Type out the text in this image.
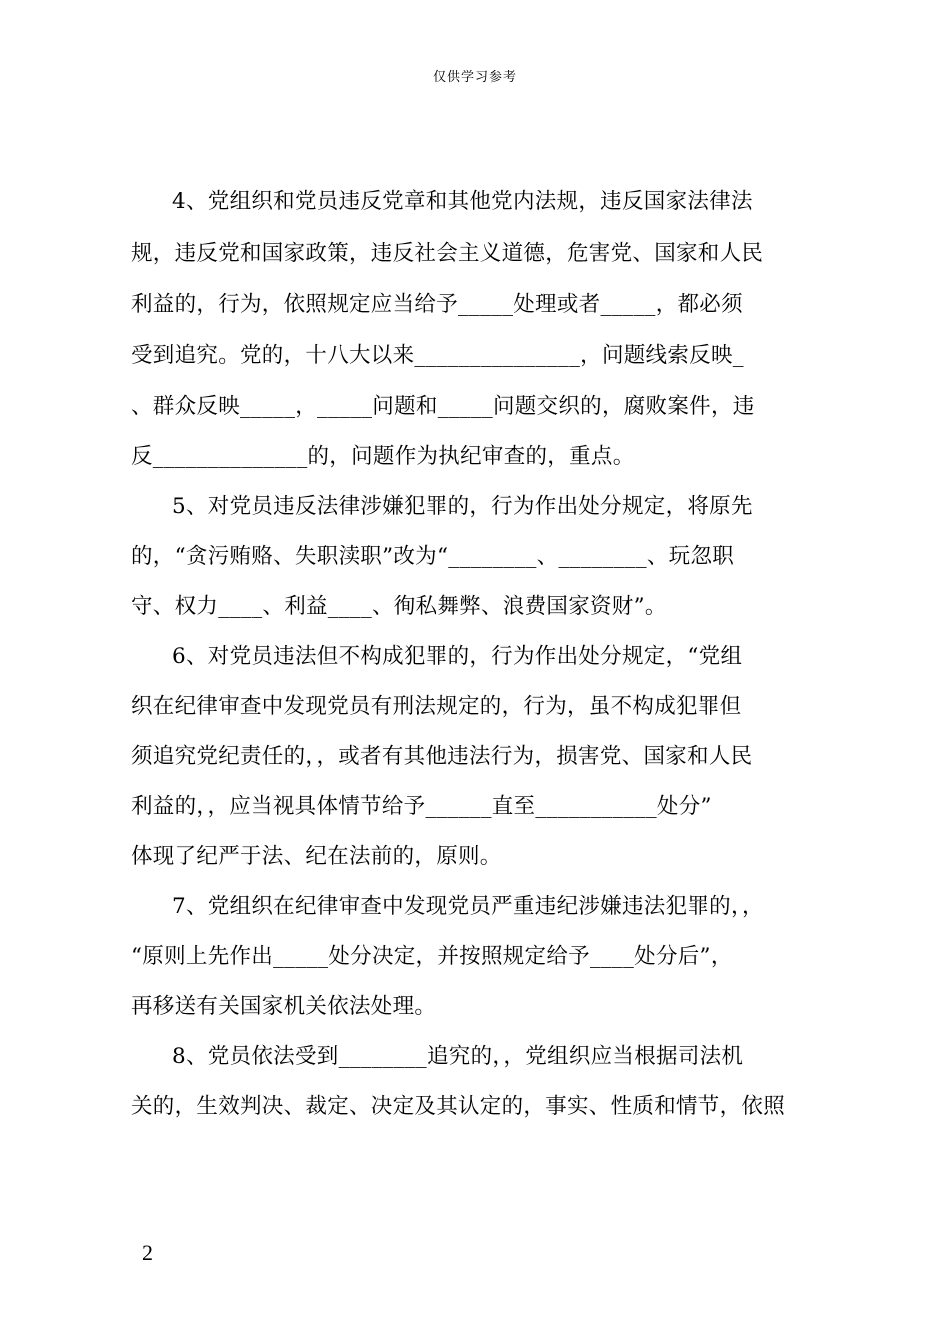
仅供学习参考
4、党组织和党员违反党章和其他党内法规，违反国家法律法
规，违反党和国家政策，违反社会主义道德，危害党、国家和人民
利益的，行为，依照规定应当给予_____处理或者_____，都必须
受到追究。党的，十八大以来_______________，问题线索反映_
、群众反映_____，_____问题和_____问题交织的，腐败案件，违
反______________的，问题作为执纪审查的，重点。
5、对党员违反法律涉嫌犯罪的，行为作出处分规定，将原先
的，“贪污贿赂、失职渎职”改为“________、________、玩忽职
守、权力____、利益____、徇私舞弊、浪费国家资财”。
6、对党员违法但不构成犯罪的，行为作出处分规定，“党组
织在纪律审查中发现党员有刑法规定的，行为，虽不构成犯罪但
须追究党纪责任的，，或者有其他违法行为，损害党、国家和人民
利益的，，应当视具体情节给予______直至___________处分”
体现了纪严于法、纪在法前的，原则。
7、党组织在纪律审查中发现党员严重违纪涉嫌违法犯罪的，，
“原则上先作出_____处分决定，并按照规定给予____处分后”，
再移送有关国家机关依法处理。
8、党员依法受到________追究的，，党组织应当根据司法机
关的，生效判决、裁定、决定及其认定的，事实、性质和情节，依照
2
